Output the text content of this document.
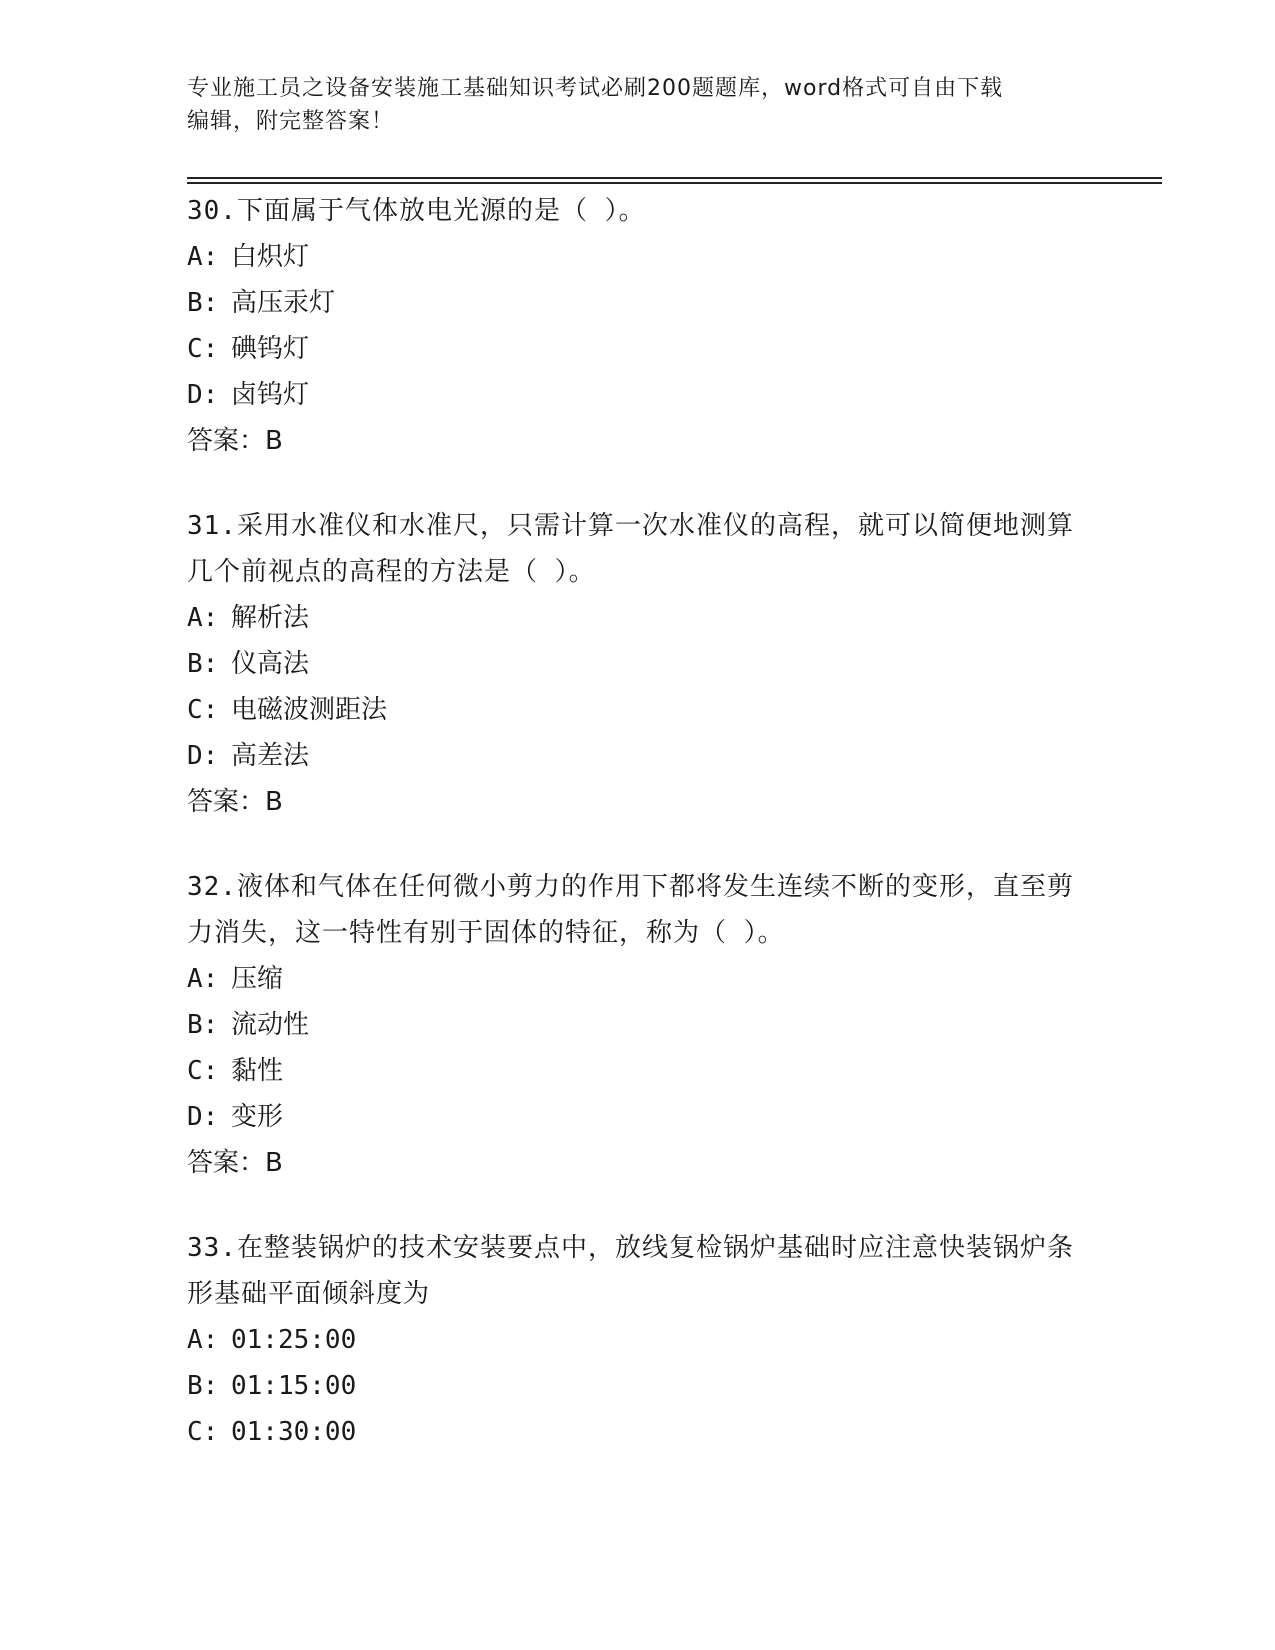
专业施工员之设备安装施工基础知识考试必刷200题题库，word格式可自由下载
编辑，附完整答案！
30.下面属于气体放电光源的是（ ）。
A: 白炽灯
B: 高压汞灯
C: 碘钨灯
D: 卤钨灯
答案：B
31.采用水准仪和水准尺，只需计算一次水准仪的高程，就可以简便地测算几个前视点的高程的方法是（ ）。
A: 解析法
B: 仪高法
C: 电磁波测距法
D: 高差法
答案：B
32.液体和气体在任何微小剪力的作用下都将发生连续不断的变形，直至剪力消失，这一特性有别于固体的特征，称为（ ）。
A: 压缩
B: 流动性
C: 黏性
D: 变形
答案：B
33.在整装锅炉的技术安装要点中，放线复检锅炉基础时应注意快装锅炉条形基础平面倾斜度为
A: 01:25:00
B: 01:15:00
C: 01:30:00
